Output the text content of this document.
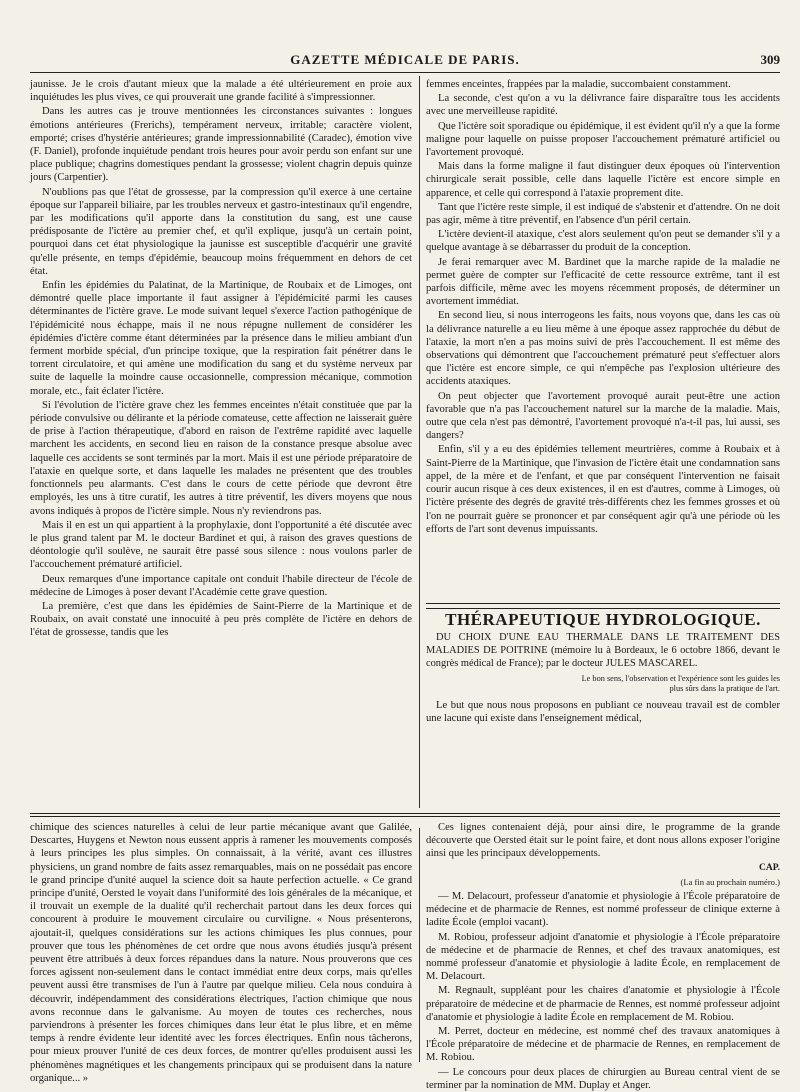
GAZETTE MÉDICALE DE PARIS.	309

jaunisse. Je le crois d'autant mieux que la malade a été ultérieurement en proie aux inquiétudes les plus vives, ce qui prouverait une grande facilité à s'impressionner.

Dans les autres cas je trouve mentionnées les circonstances suivantes : longues émotions antérieures (Frerichs), tempérament nerveux, irritable; caractère violent, emporté; crises d'hystérie antérieures; grande impressionnabilité (Caradec), émotion vive (F. Daniel), profonde inquiétude pendant trois heures pour avoir perdu son enfant sur une place publique; chagrins domestiques pendant la grossesse; violent chagrin depuis quinze jours (Carpentier).

N'oublions pas que l'état de grossesse, par la compression qu'il exerce à une certaine époque sur l'appareil biliaire, par les troubles nerveux et gastro-intestinaux qu'il engendre, par les modifications qu'il apporte dans la constitution du sang, est une cause prédisposante de l'ictère au premier chef, et qu'il explique, jusqu'à un certain point, pourquoi dans cet état physiologique la jaunisse est susceptible d'acquérir une gravité qu'elle présente, en temps d'épidémie, beaucoup moins fréquemment en dehors de cet état.

Enfin les épidémies du Palatinat, de la Martinique, de Roubaix et de Limoges, ont démontré quelle place importante il faut assigner à l'épidémicité parmi les causes déterminantes de l'ictère grave. Le mode suivant lequel s'exerce l'action pathogénique de l'épidémicité nous échappe, mais il ne nous répugne nullement de considérer les épidémies d'ictère comme étant déterminées par la présence dans le milieu ambiant d'un ferment morbide spécial, d'un principe toxique, que la respiration fait pénétrer dans le torrent circulatoire, et qui amène une modification du sang et du système nerveux par suite de laquelle la moindre cause occasionnelle, compression mécanique, commotion morale, etc., fait éclater l'ictère.

Si l'évolution de l'ictère grave chez les femmes enceintes n'était constituée que par la période convulsive ou délirante et la période comateuse, cette affection ne laisserait guère de prise à l'action thérapeutique, d'abord en raison de l'extrême rapidité avec laquelle marchent les accidents, en second lieu en raison de la constance presque absolue avec laquelle ces accidents se sont terminés par la mort. Mais il est une période préparatoire de l'ataxie en quelque sorte, et dans laquelle les malades ne présentent que des troubles fonctionnels peu alarmants. C'est dans le cours de cette période que devront être employés, les uns à titre curatif, les autres à titre préventif, les divers moyens que nous avons indiqués à propos de l'ictère simple. Nous n'y reviendrons pas.

Mais il en est un qui appartient à la prophylaxie, dont l'opportunité a été discutée avec le plus grand talent par M. le docteur Bardinet et qui, à raison des graves questions de déontologie qu'il soulève, ne saurait être passé sous silence : nous voulons parler de l'accouchement prématuré artificiel.

Deux remarques d'une importance capitale ont conduit l'habile directeur de l'école de médecine de Limoges à poser devant l'Académie cette grave question.

La première, c'est que dans les épidémies de Saint-Pierre de la Martinique et de Roubaix, on avait constaté une innocuité à peu près complète de l'ictère en dehors de l'état de grossesse, tandis que les

femmes enceintes, frappées par la maladie, succombaient constamment.

La seconde, c'est qu'on a vu la délivrance faire disparaître tous les accidents avec une merveilleuse rapidité.

Que l'ictère soit sporadique ou épidémique, il est évident qu'il n'y a que la forme maligne pour laquelle on puisse proposer l'accouchement prématuré artificiel ou l'avortement provoqué.

Mais dans la forme maligne il faut distinguer deux époques où l'intervention chirurgicale serait possible, celle dans laquelle l'ictère est encore simple en apparence, et celle qui correspond à l'ataxie proprement dite.

Tant que l'ictère reste simple, il est indiqué de s'abstenir et d'attendre. On ne doit pas agir, même à titre préventif, en l'absence d'un péril certain.

L'ictère devient-il ataxique, c'est alors seulement qu'on peut se demander s'il y a quelque avantage à se débarrasser du produit de la conception.

Je ferai remarquer avec M. Bardinet que la marche rapide de la maladie ne permet guère de compter sur l'efficacité de cette ressource extrême, tant il est parfois difficile, même avec les moyens récemment proposés, de déterminer un avortement immédiat.

En second lieu, si nous interrogeons les faits, nous voyons que, dans les cas où la délivrance naturelle a eu lieu même à une époque assez rapprochée du début de l'ataxie, la mort n'en a pas moins suivi de près l'accouchement. Il est même des observations qui démontrent que l'accouchement prématuré peut s'effectuer alors que l'ictère est encore simple, ce qui n'empêche pas l'explosion ultérieure des accidents ataxiques.

On peut objecter que l'avortement provoqué aurait peut-être une action favorable que n'a pas l'accouchement naturel sur la marche de la maladie. Mais, outre que cela n'est pas démontré, l'avortement provoqué n'a-t-il pas, lui aussi, ses dangers?

Enfin, s'il y a eu des épidémies tellement meurtrières, comme à Roubaix et à Saint-Pierre de la Martinique, que l'invasion de l'ictère était une condamnation sans appel, de la mère et de l'enfant, et que par conséquent l'intervention ne faisait courir aucun risque à ces deux existences, il en est d'autres, comme à Limoges, où l'ictère présente des degrés de gravité très-différents chez les femmes grosses et où l'on ne pourrait guère se prononcer et par conséquent agir qu'à une période où les efforts de l'art sont devenus impuissants.

THÉRAPEUTIQUE HYDROLOGIQUE.

DU CHOIX D'UNE EAU THERMALE DANS LE TRAITEMENT DES MALADIES DE POITRINE (mémoire lu à Bordeaux, le 6 octobre 1866, devant le congrès médical de France); par le docteur JULES MASCAREL.

Le bon sens, l'observation et l'expérience sont les guides les plus sûrs dans la pratique de l'art.

Le but que nous nous proposons en publiant ce nouveau travail est de combler une lacune qui existe dans l'enseignement médical,

chimique des sciences naturelles à celui de leur partie mécanique avant que Galilée, Descartes, Huygens et Newton nous eussent appris à ramener les mouvements composés à leurs principes les plus simples. On connaissait, à la vérité, avant ces illustres physiciens, un grand nombre de faits assez remarquables, mais on ne possédait pas encore le grand principe d'unité auquel la science doit sa haute perfection actuelle. « Ce grand principe d'unité, Oersted le voyait dans l'uniformité des lois générales de la mécanique, et il trouvait un exemple de la dualité qu'il recherchait partout dans les deux forces qui concourent à produire le mouvement circulaire ou curviligne. « Nous présenterons, ajoutait-il, quelques considérations sur les actions chimiques les plus connues, pour prouver que tous les phénomènes de cet ordre que nous avons étudiés jusqu'à présent peuvent être attribués à deux forces répandues dans la nature. Nous prouverons que ces forces agissent non-seulement dans le contact immédiat entre deux corps, mais qu'elles peuvent aussi être transmises de l'un à l'autre par quelque milieu. Cela nous conduira à découvrir, indépendamment des considérations électriques, l'action chimique que nous avons reconnue dans le galvanisme. Au moyen de toutes ces recherches, nous parviendrons à présenter les forces chimiques dans leur état le plus libre, et en même temps à rendre évidente leur identité avec les forces électriques. Enfin nous tâcherons, pour mieux prouver l'unité de ces deux forces, de montrer qu'elles produisent aussi les phénomènes magnétiques et les changements principaux qui se produisent dans la nature organique... »

Ces lignes contenaient déjà, pour ainsi dire, le programme de la grande découverte que Oersted était sur le point faire, et dont nous allons exposer l'origine ainsi que les principaux développements.

CAP.

(La fin au prochain numéro.)

— M. Delacourt, professeur d'anatomie et physiologie à l'École préparatoire de médecine et de pharmacie de Rennes, est nommé professeur de clinique externe à ladite École (emploi vacant).

M. Robiou, professeur adjoint d'anatomie et physiologie à l'École préparatoire de médecine et de pharmacie de Rennes, et chef des travaux anatomiques, est nommé professeur d'anatomie et physiologie à ladite École, en remplacement de M. Delacourt.

M. Regnault, suppléant pour les chaires d'anatomie et physiologie à l'École préparatoire de médecine et de pharmacie de Rennes, est nommé professeur adjoint d'anatomie et physiologie à ladite École en remplacement de M. Robiou.

M. Perret, docteur en médecine, est nommé chef des travaux anatomiques à l'École préparatoire de médecine et de pharmacie de Rennes, en remplacement de M. Robiou.

— Le concours pour deux places de chirurgien au Bureau central vient de se terminer par la nomination de MM. Duplay et Anger.
